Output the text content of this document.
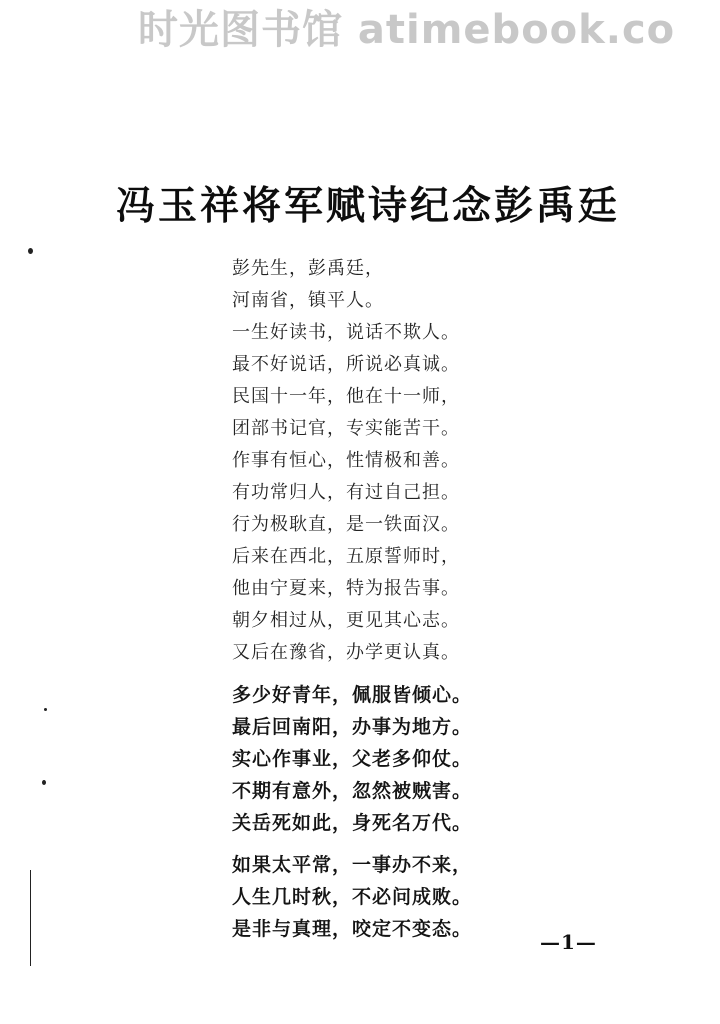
时光图书馆 atimebook.co
冯玉祥将军赋诗纪念彭禹廷
彭先生，彭禹廷，
河南省，镇平人。
一生好读书，说话不欺人。
最不好说话，所说必真诚。
民国十一年，他在十一师，
团部书记官，专实能苦干。
作事有恒心，性情极和善。
有功常归人，有过自己担。
行为极耿直，是一铁面汉。
后来在西北，五原誓师时，
他由宁夏来，特为报告事。
朝夕相过从，更见其心志。
又后在豫省，办学更认真。
多少好青年，佩服皆倾心。
最后回南阳，办事为地方。
实心作事业，父老多仰仗。
不期有意外，忽然被贼害。
关岳死如此，身死名万代。
如果太平常，一事办不来，
人生几时秋，不必问成败。
是非与真理，咬定不变态。
—1—
